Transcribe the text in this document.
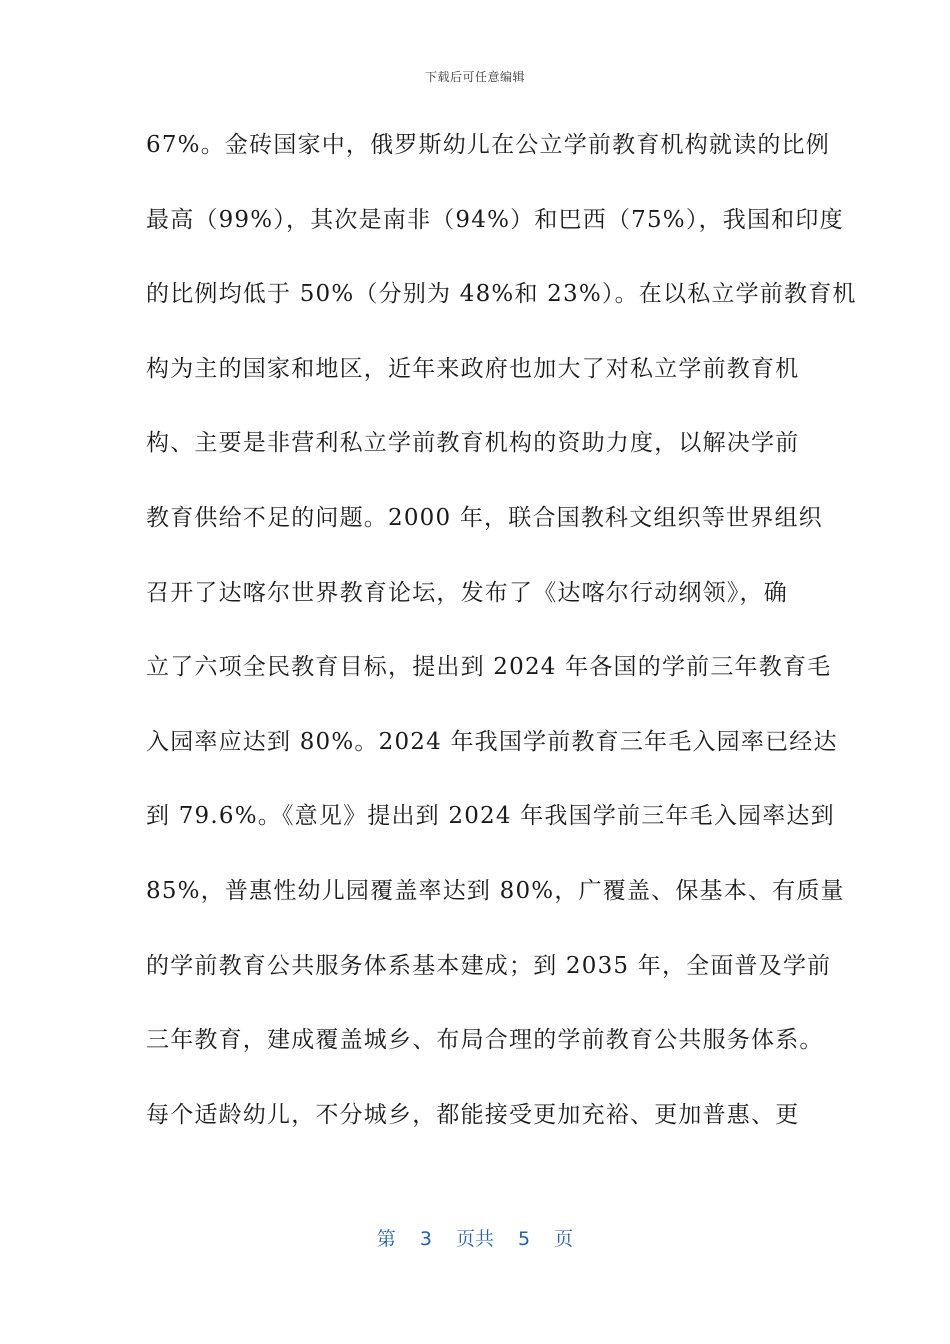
下载后可任意编辑
67%。金砖国家中，俄罗斯幼儿在公立学前教育机构就读的比例
最高（99%），其次是南非（94%）和巴西（75%），我国和印度
的比例均低于 50%（分别为 48%和 23%）。在以私立学前教育机
构为主的国家和地区，近年来政府也加大了对私立学前教育机
构、主要是非营利私立学前教育机构的资助力度，以解决学前
教育供给不足的问题。2000 年，联合国教科文组织等世界组织
召开了达喀尔世界教育论坛，发布了《达喀尔行动纲领》，确
立了六项全民教育目标，提出到 2024 年各国的学前三年教育毛
入园率应达到 80%。2024 年我国学前教育三年毛入园率已经达
到 79.6%。《意见》提出到 2024 年我国学前三年毛入园率达到
85%，普惠性幼儿园覆盖率达到 80%，广覆盖、保基本、有质量
的学前教育公共服务体系基本建成；到 2035 年，全面普及学前
三年教育，建成覆盖城乡、布局合理的学前教育公共服务体系。
每个适龄幼儿，不分城乡，都能接受更加充裕、更加普惠、更
第 3 页共 5 页
